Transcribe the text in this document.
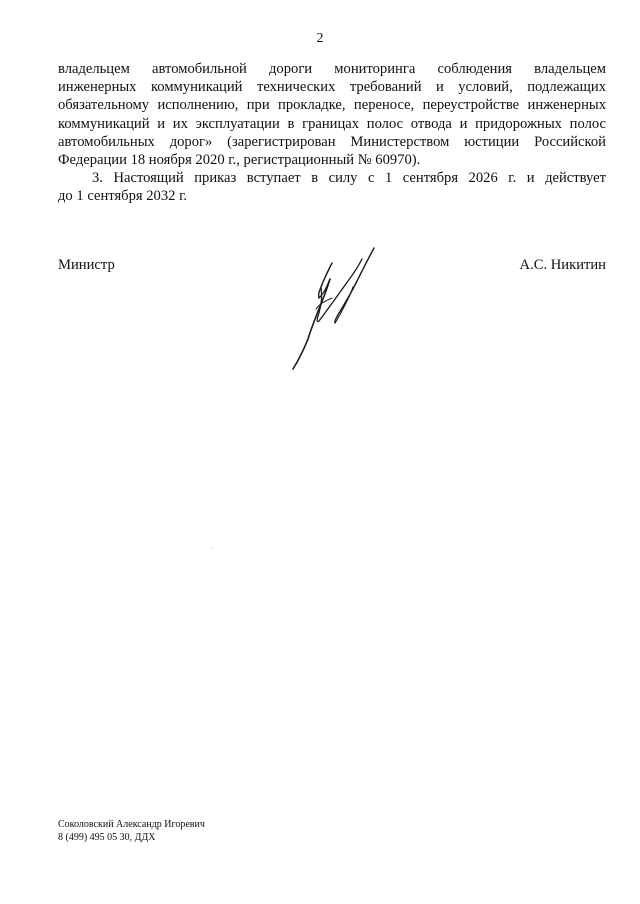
2
владельцем автомобильной дороги мониторинга соблюдения владельцем
инженерных коммуникаций технических требований и условий, подлежащих
обязательному исполнению, при прокладке, переносе, переустройстве инженерных
коммуникаций и их эксплуатации в границах полос отвода и придорожных полос
автомобильных дорог» (зарегистрирован Министерством юстиции Российской
Федерации 18 ноября 2020 г., регистрационный № 60970).
3. Настоящий приказ вступает в силу с 1 сентября 2026 г. и действует
до 1 сентября 2032 г.
Министр	А.С. Никитин
Соколовский Александр Игоревич
8 (499) 495 05 30, ДДХ
